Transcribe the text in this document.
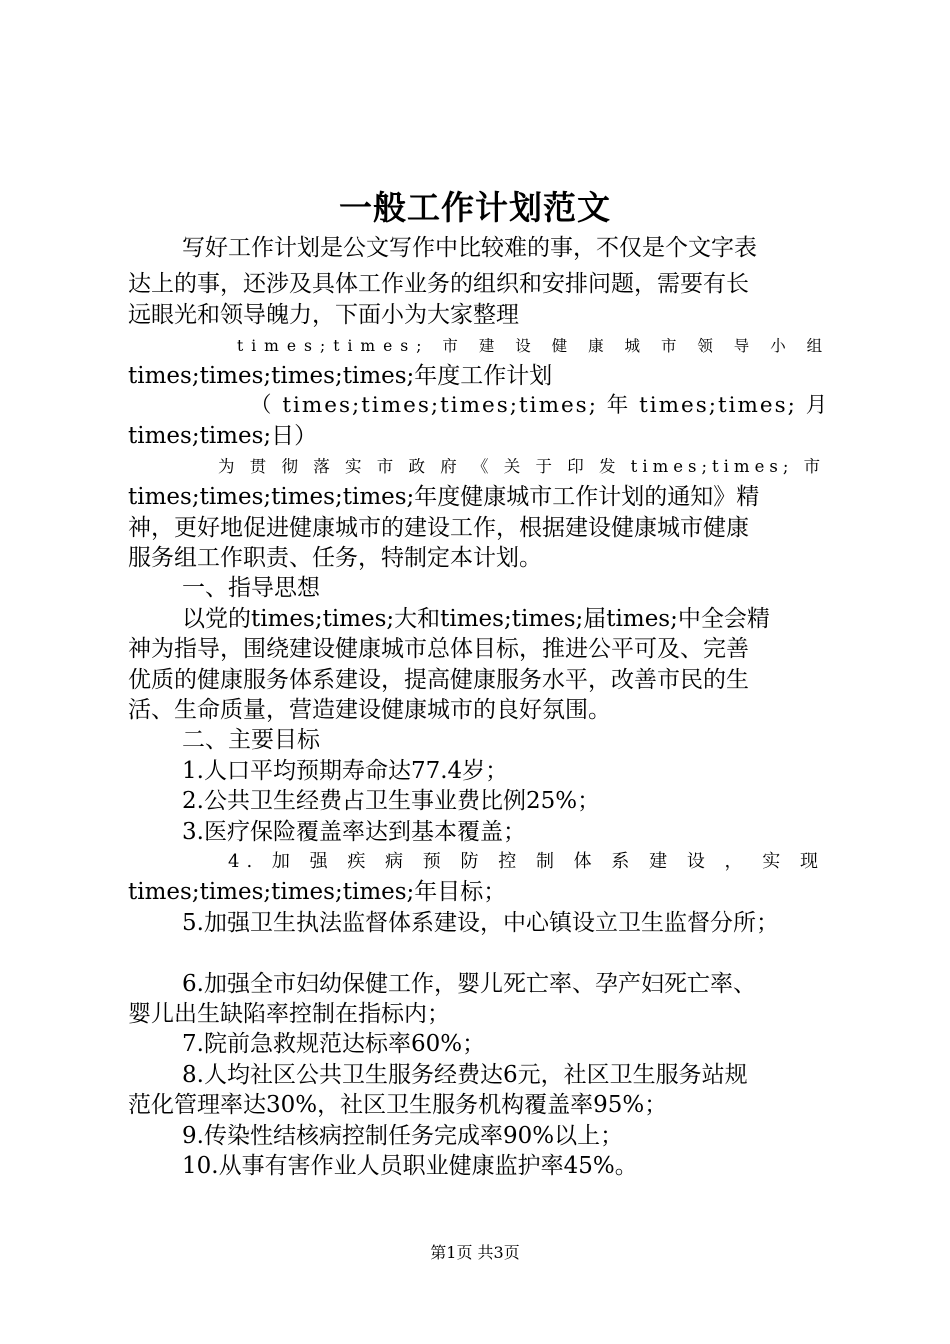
一般工作计划范文
写好工作计划是公文写作中比较难的事，不仅是个文字表
达上的事，还涉及具体工作业务的组织和安排问题，需要有长
远眼光和领导魄力，下面小为大家整理
times;times; 市 建 设 健 康 城 市 领 导 小 组
times;times;times;times;年度工作计划
（ times;times;times;times; 年 times;times; 月
times;times;日）
为 贯 彻 落 实 市 政 府 《 关 于 印 发 times;times; 市
times;times;times;times;年度健康城市工作计划的通知》精
神，更好地促进健康城市的建设工作，根据建设健康城市健康
服务组工作职责、任务，特制定本计划。
一、指导思想
以党的times;times;大和times;times;届times;中全会精
神为指导，围绕建设健康城市总体目标，推进公平可及、完善
优质的健康服务体系建设，提高健康服务水平，改善市民的生
活、生命质量，营造建设健康城市的良好氛围。
二、主要目标
1.人口平均预期寿命达77.4岁；
2.公共卫生经费占卫生事业费比例25%；
3.医疗保险覆盖率达到基本覆盖；
4. 加 强 疾 病 预 防 控 制 体 系 建 设 ， 实 现
times;times;times;times;年目标；
5.加强卫生执法监督体系建设，中心镇设立卫生监督分所；
6.加强全市妇幼保健工作，婴儿死亡率、孕产妇死亡率、
婴儿出生缺陷率控制在指标内；
7.院前急救规范达标率60%；
8.人均社区公共卫生服务经费达6元，社区卫生服务站规
范化管理率达30%，社区卫生服务机构覆盖率95%；
9.传染性结核病控制任务完成率90%以上；
10.从事有害作业人员职业健康监护率45%。
第1页 共3页
